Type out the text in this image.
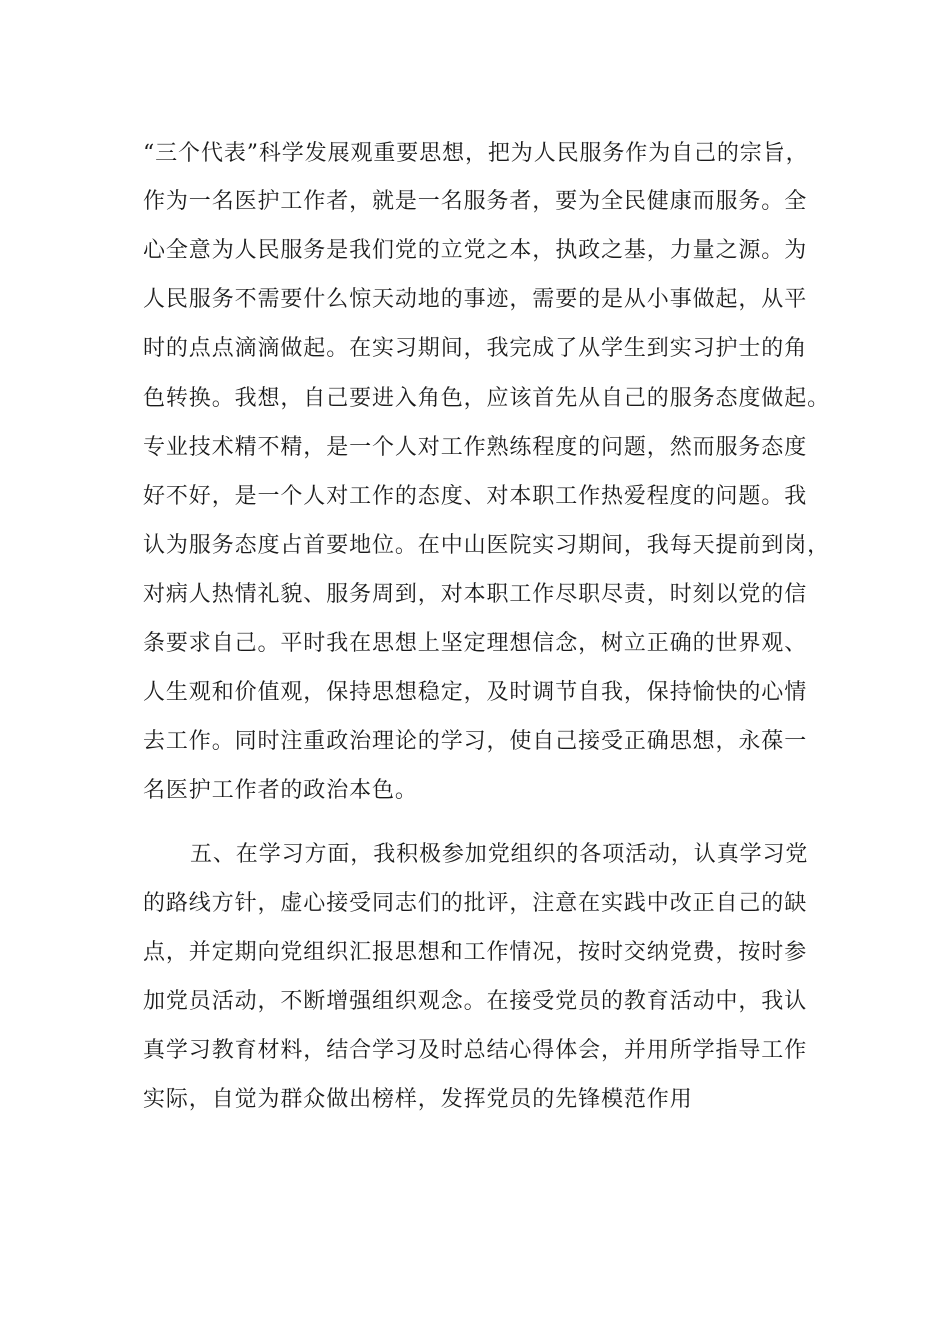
“三个代表”科学发展观重要思想，把为人民服务作为自己的宗旨，
作为一名医护工作者，就是一名服务者，要为全民健康而服务。全
心全意为人民服务是我们党的立党之本，执政之基，力量之源。为
人民服务不需要什么惊天动地的事迹，需要的是从小事做起，从平
时的点点滴滴做起。在实习期间，我完成了从学生到实习护士的角
色转换。我想，自己要进入角色，应该首先从自己的服务态度做起。
专业技术精不精，是一个人对工作熟练程度的问题，然而服务态度
好不好，是一个人对工作的态度、对本职工作热爱程度的问题。我
认为服务态度占首要地位。在中山医院实习期间，我每天提前到岗，
对病人热情礼貌、服务周到，对本职工作尽职尽责，时刻以党的信
条要求自己。平时我在思想上坚定理想信念，树立正确的世界观、
人生观和价值观，保持思想稳定，及时调节自我，保持愉快的心情
去工作。同时注重政治理论的学习，使自己接受正确思想，永葆一
名医护工作者的政治本色。
五、在学习方面，我积极参加党组织的各项活动，认真学习党
的路线方针，虚心接受同志们的批评，注意在实践中改正自己的缺
点，并定期向党组织汇报思想和工作情况，按时交纳党费，按时参
加党员活动，不断增强组织观念。在接受党员的教育活动中，我认
真学习教育材料，结合学习及时总结心得体会，并用所学指导工作
实际，自觉为群众做出榜样，发挥党员的先锋模范作用
